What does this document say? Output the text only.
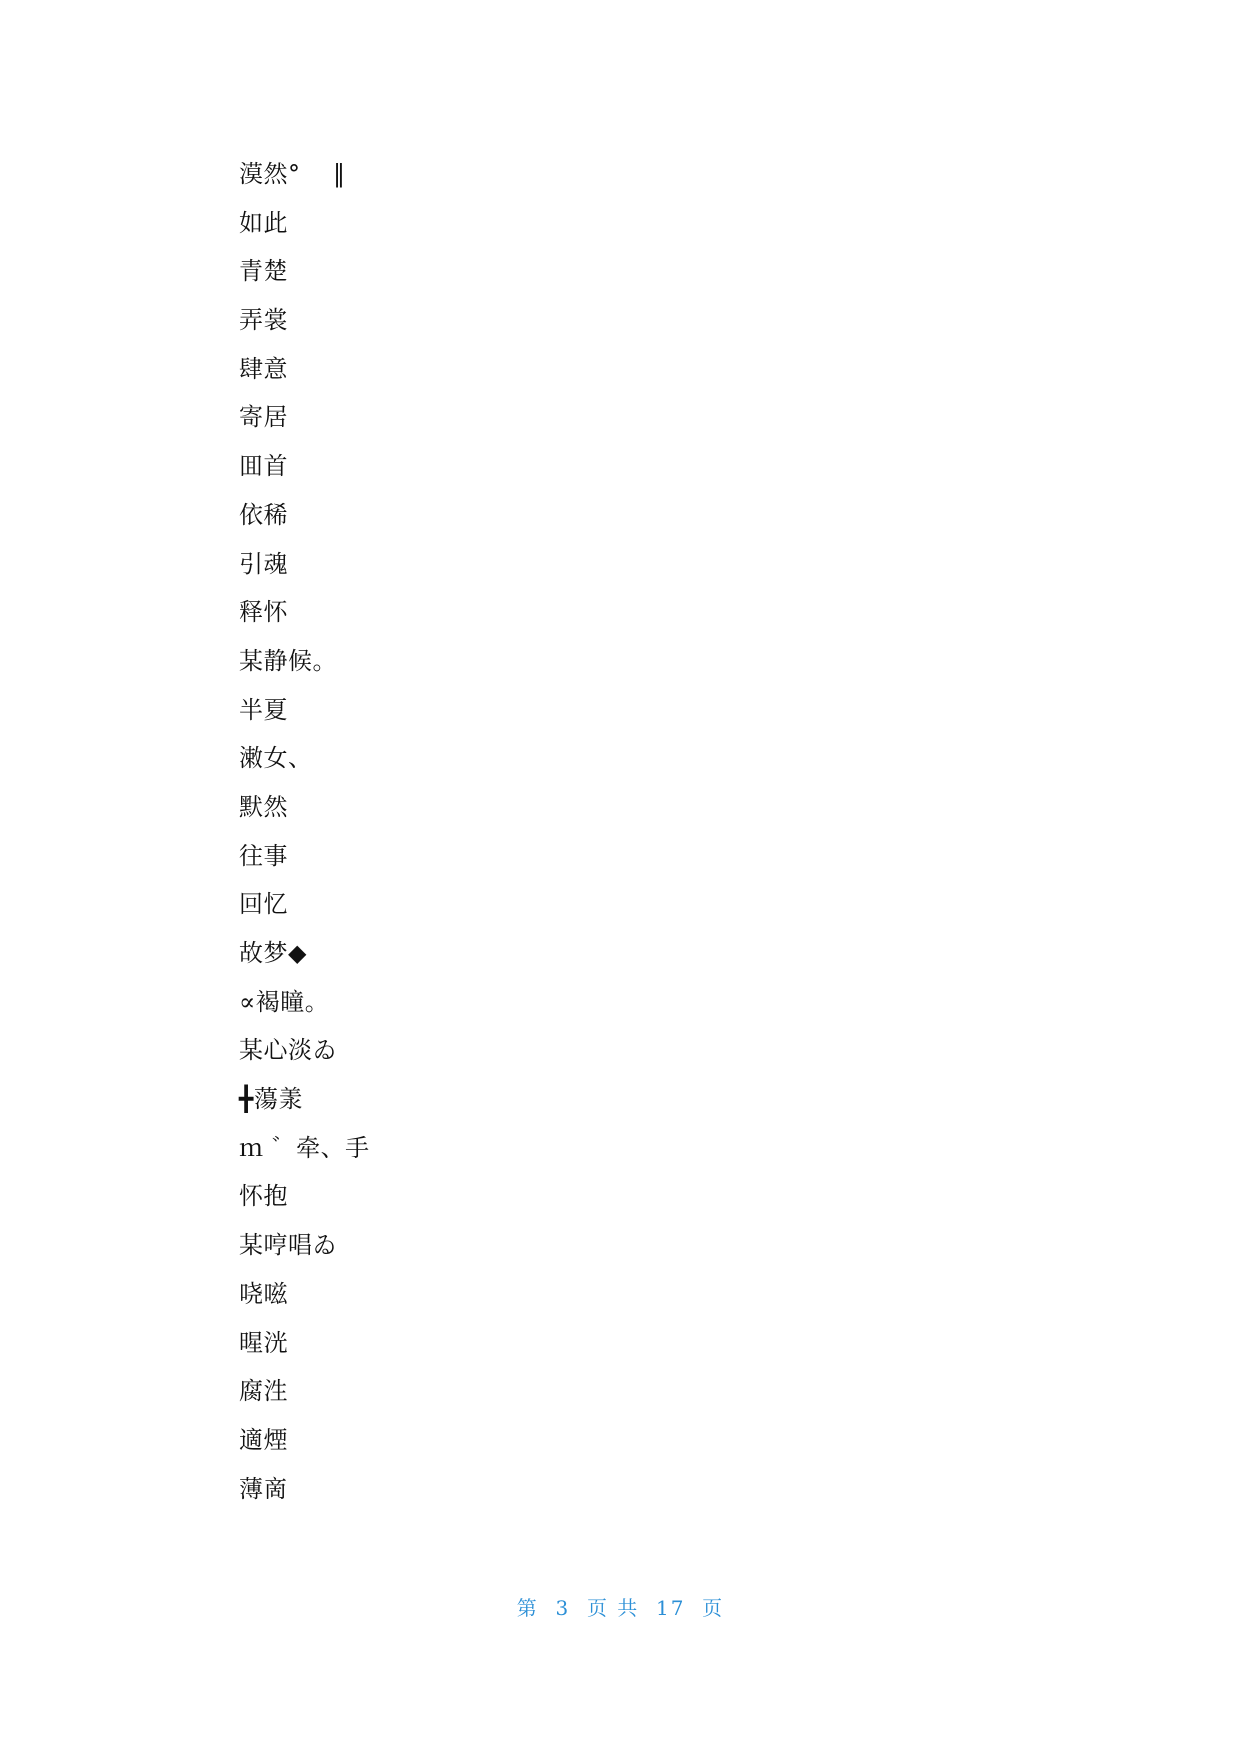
漠然°    ‖
如此
青楚
弄裳
肆意
寄居
囬首
依稀
引魂
释怀
某静候。
半夏
潄女、
默然
往事
回忆
故梦◆
∝褐瞳。
某心淡ゐ
╋蕩羕
ｍ ゛牵、手
怀抱
某哼唱ゐ
哓嗞
暒洸
腐泩
適煙
薄啇
第  3  页 共  17  页
